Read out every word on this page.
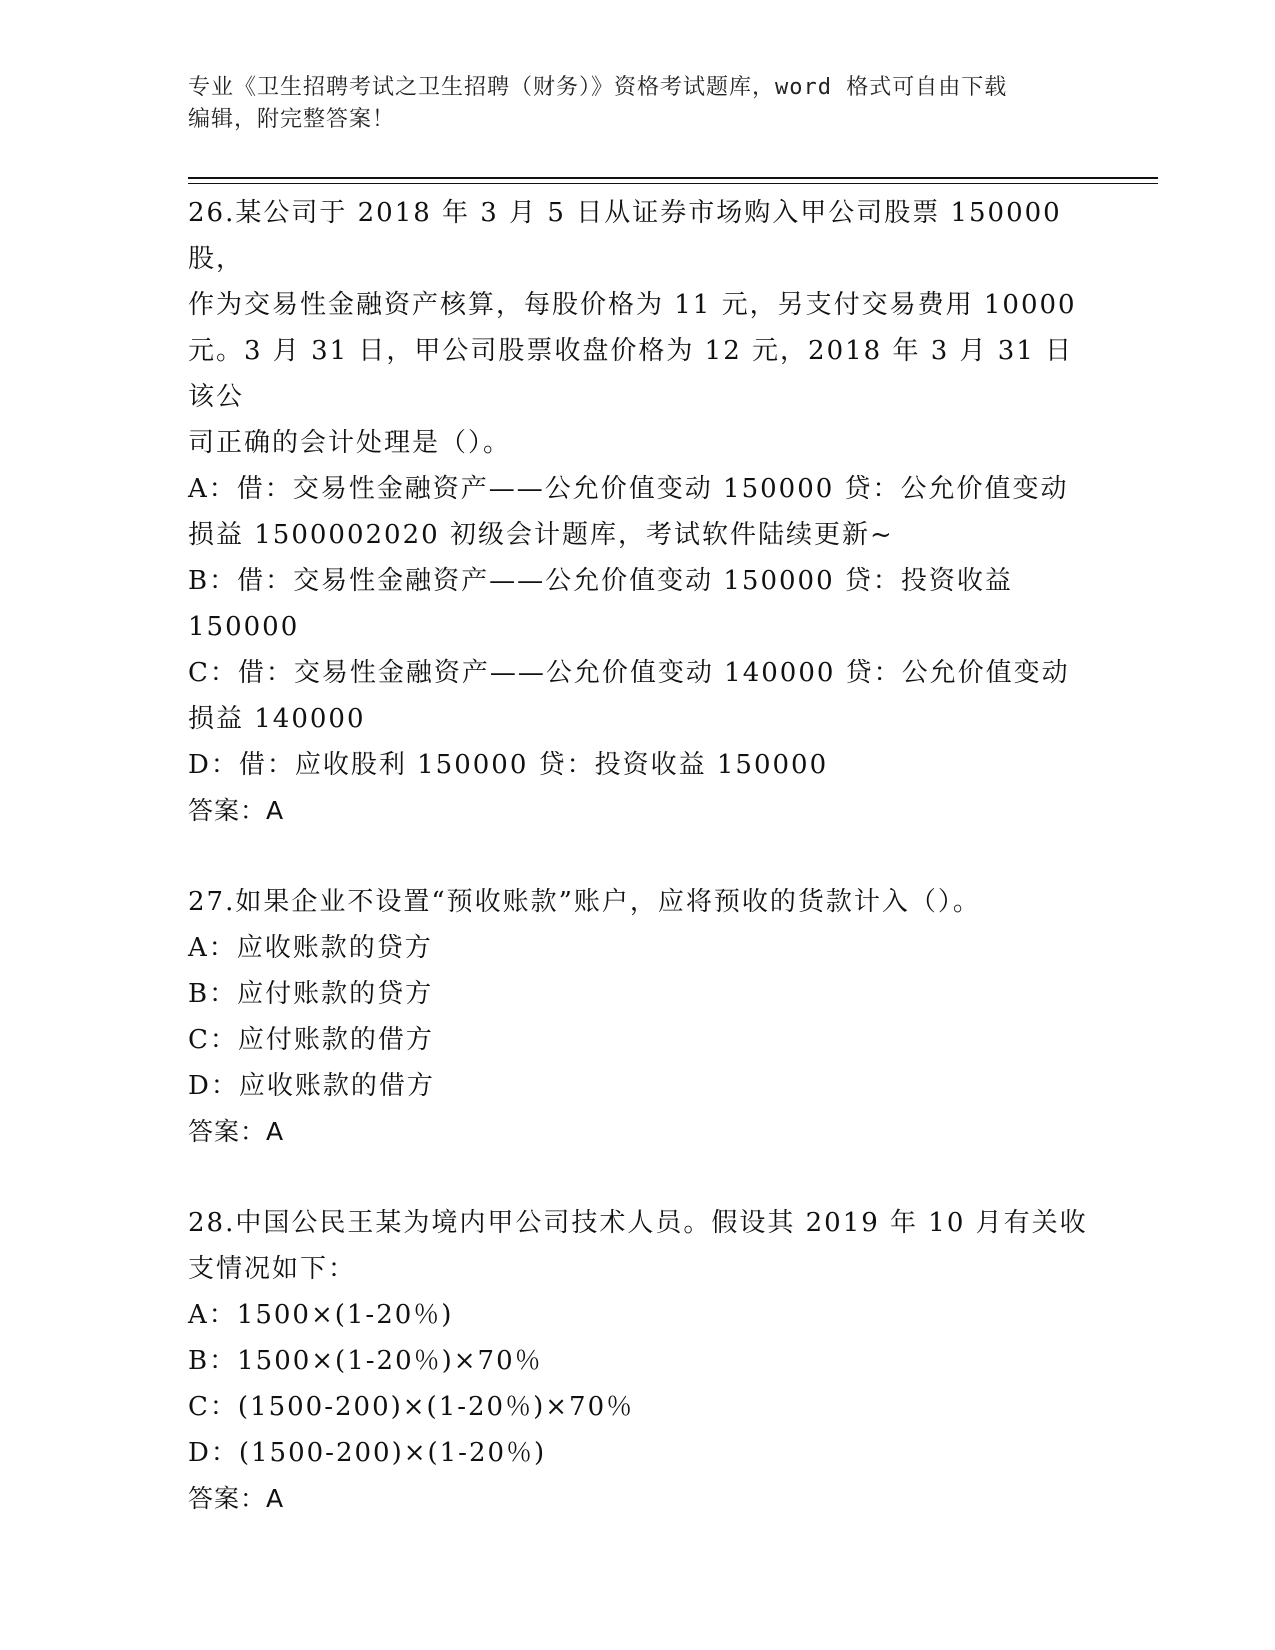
专业《卫生招聘考试之卫生招聘（财务）》资格考试题库，word 格式可自由下载
编辑，附完整答案！

26.某公司于 2018 年 3 月 5 日从证券市场购入甲公司股票 150000 股，

作为交易性金融资产核算，每股价格为 11 元，另支付交易费用 10000

元。3 月 31 日，甲公司股票收盘价格为 12 元，2018 年 3 月 31 日该公

司正确的会计处理是（）。

A：借：交易性金融资产——公允价值变动 150000 贷：公允价值变动

损益 1500002020 初级会计题库，考试软件陆续更新~

B：借：交易性金融资产——公允价值变动 150000 贷：投资收益

150000

C：借：交易性金融资产——公允价值变动 140000 贷：公允价值变动

损益 140000

D：借：应收股利 150000 贷：投资收益 150000

答案：A

27.如果企业不设置“预收账款”账户，应将预收的货款计入（）。

A：应收账款的贷方

B：应付账款的贷方

C：应付账款的借方

D：应收账款的借方

答案：A

28.中国公民王某为境内甲公司技术人员。假设其 2019 年 10 月有关收

支情况如下：

A：1500×(1-20％)

B：1500×(1-20％)×70％

C：(1500-200)×(1-20％)×70％

D：(1500-200)×(1-20％)

答案：A
